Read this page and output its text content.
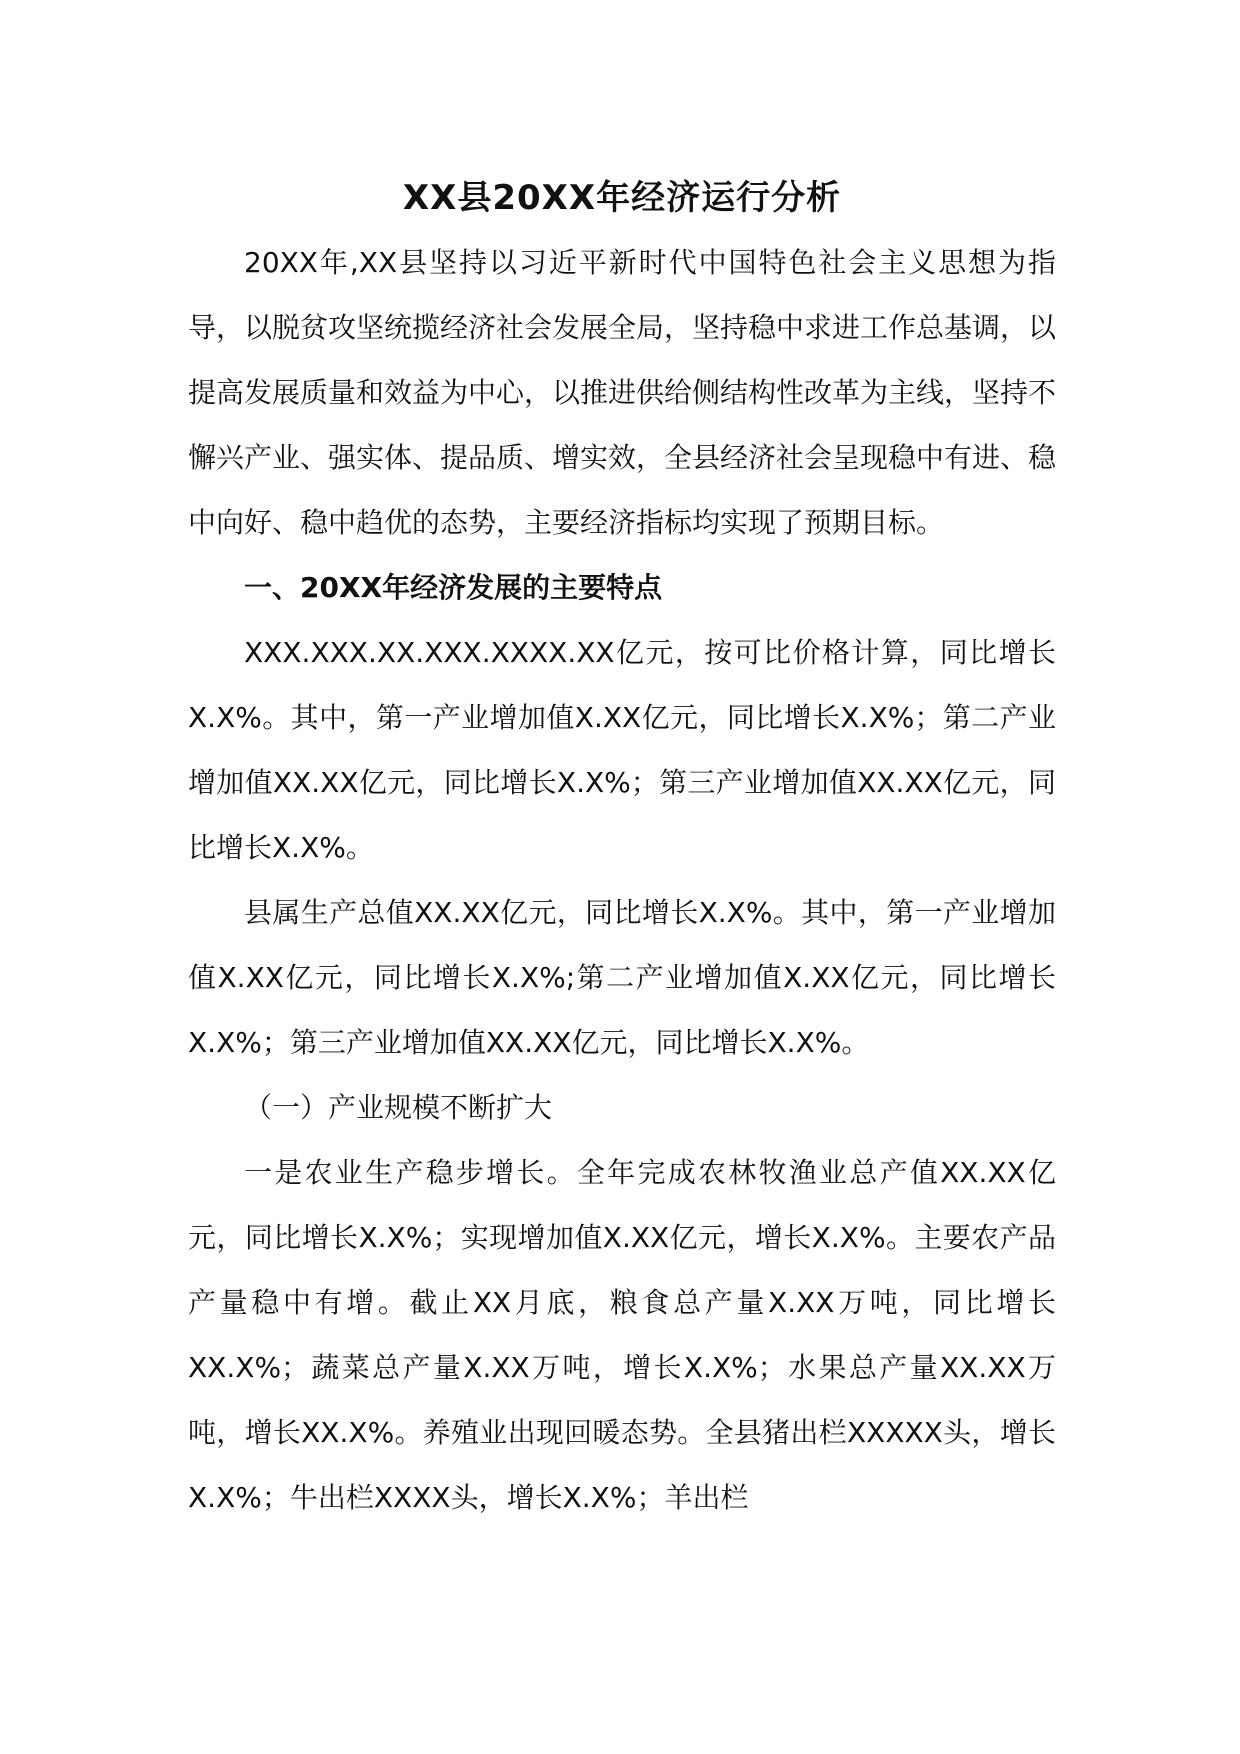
XX县20XX年经济运行分析

20XX年,XX县坚持以习近平新时代中国特色社会主义思想为指导，以脱贫攻坚统揽经济社会发展全局，坚持稳中求进工作总基调，以提高发展质量和效益为中心，以推进供给侧结构性改革为主线，坚持不懈兴产业、强实体、提品质、增实效，全县经济社会呈现稳中有进、稳中向好、稳中趋优的态势，主要经济指标均实现了预期目标。

一、20XX年经济发展的主要特点

XXX.XXX.XX.XXX.XXXX.XX亿元，按可比价格计算，同比增长X.X%。其中，第一产业增加值X.XX亿元，同比增长X.X%；第二产业增加值XX.XX亿元，同比增长X.X%；第三产业增加值XX.XX亿元，同比增长X.X%。

县属生产总值XX.XX亿元，同比增长X.X%。其中，第一产业增加值X.XX亿元，同比增长X.X%;第二产业增加值X.XX亿元，同比增长X.X%；第三产业增加值XX.XX亿元，同比增长X.X%。

（一）产业规模不断扩大

一是农业生产稳步增长。全年完成农林牧渔业总产值XX.XX亿元，同比增长X.X%；实现增加值X.XX亿元，增长X.X%。主要农产品产量稳中有增。截止XX月底，粮食总产量X.XX万吨，同比增长XX.X%；蔬菜总产量X.XX万吨，增长X.X%；水果总产量XX.XX万吨，增长XX.X%。养殖业出现回暖态势。全县猪出栏XXXXX头，增长X.X%；牛出栏XXXX头，增长X.X%；羊出栏
